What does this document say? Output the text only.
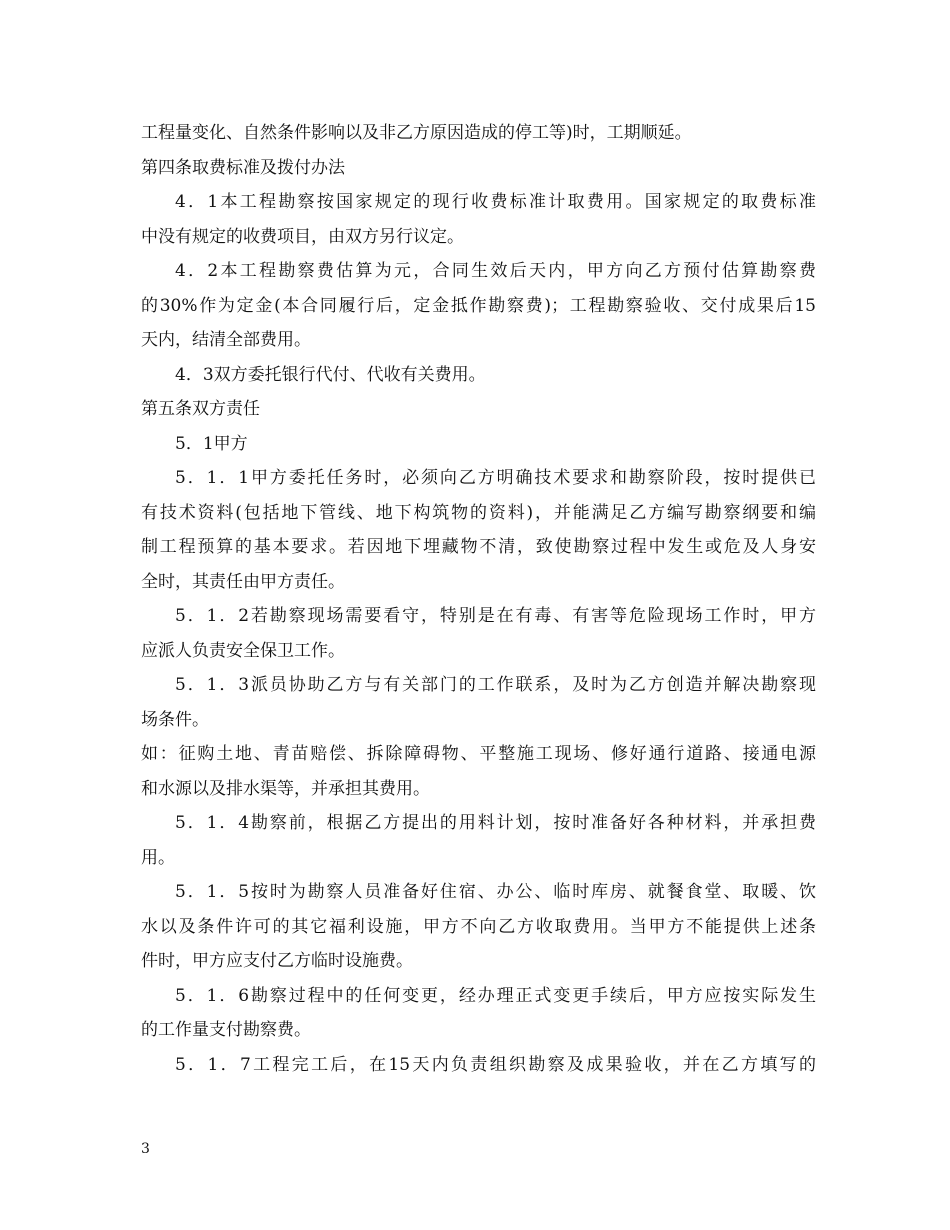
工程量变化、自然条件影响以及非乙方原因造成的停工等)时，工期顺延。
第四条取费标准及拨付办法
4．1本工程勘察按国家规定的现行收费标准计取费用。国家规定的取费标准
中没有规定的收费项目，由双方另行议定。
4．2本工程勘察费估算为元，合同生效后天内，甲方向乙方预付估算勘察费
的30%作为定金(本合同履行后，定金抵作勘察费)；工程勘察验收、交付成果后15
天内，结清全部费用。
4．3双方委托银行代付、代收有关费用。
第五条双方责任
5．1甲方
5．1．1甲方委托任务时，必须向乙方明确技术要求和勘察阶段，按时提供已
有技术资料(包括地下管线、地下构筑物的资料)，并能满足乙方编写勘察纲要和编
制工程预算的基本要求。若因地下埋藏物不清，致使勘察过程中发生或危及人身安
全时，其责任由甲方责任。
5．1．2若勘察现场需要看守，特别是在有毒、有害等危险现场工作时，甲方
应派人负责安全保卫工作。
5．1．3派员协助乙方与有关部门的工作联系，及时为乙方创造并解决勘察现
场条件。
如：征购土地、青苗赔偿、拆除障碍物、平整施工现场、修好通行道路、接通电源
和水源以及排水渠等，并承担其费用。
5．1．4勘察前，根据乙方提出的用料计划，按时准备好各种材料，并承担费
用。
5．1．5按时为勘察人员准备好住宿、办公、临时库房、就餐食堂、取暖、饮
水以及条件许可的其它福利设施，甲方不向乙方收取费用。当甲方不能提供上述条
件时，甲方应支付乙方临时设施费。
5．1．6勘察过程中的任何变更，经办理正式变更手续后，甲方应按实际发生
的工作量支付勘察费。
5．1．7工程完工后，在15天内负责组织勘察及成果验收，并在乙方填写的
3
